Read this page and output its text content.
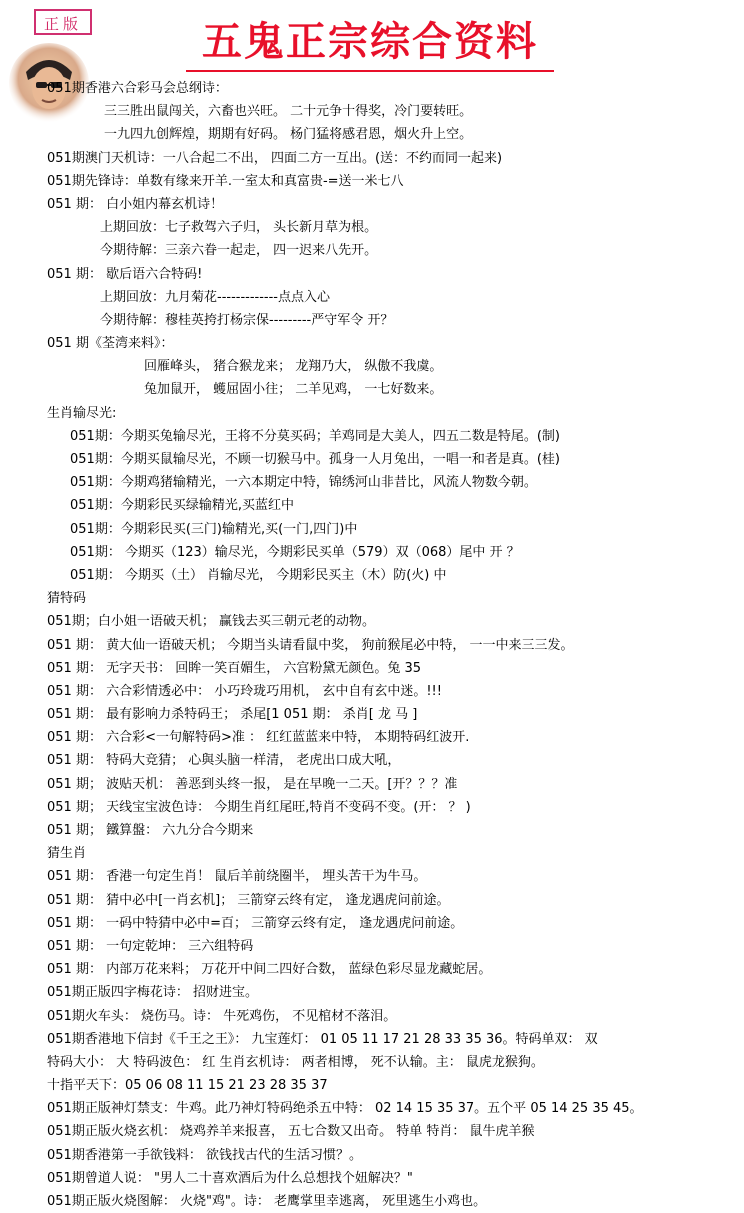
正版	五鬼正宗综合资料
051期香港六合彩马会总纲诗：
三三胜出鼠闯关，六畜也兴旺。 二十元争十得奖，冷门要转旺。
一九四九创辉煌，期期有好码。 杨门猛将感君恩，烟火升上空。
051期澳门天机诗：一八合起二不出， 四面二方一互出。(送：不约而同一起来)
051期先锋诗：单数有缘来开羊.一室太和真富贵-=送一米七八
051 期： 白小姐内幕玄机诗！
上期回放：七子救驾六子归， 头长新月草为根。
今期待解：三亲六眷一起走， 四一迟来八先开。
051 期： 歇后语六合特码!
上期回放：九月菊花-------------点点入心
今期待解：穆桂英挎打杨宗保---------严守军令 开？
051 期《荃湾来料》：
回雁峰头， 猪合猴龙来； 龙翔乃大， 纵傲不我虞。
兔加鼠开， 蠖屈固小往； 二羊见鸡， 一七好数来。
生肖输尽光:
051期：今期买兔输尽光，王将不分莫买码；羊鸡同是大美人，四五二数是特尾。(制)
051期：今期买鼠输尽光，不顾一切猴马中。孤身一人月兔出，一唱一和者是真。(桂)
051期：今期鸡猪输精光，一六本期定中特，锦绣河山非昔比，风流人物数今朝。
051期：今期彩民买绿输精光,买蓝红中
051期：今期彩民买(三门)输精光,买(一门,四门)中
051期： 今期买（123）输尽光，今期彩民买单（579）双（068）尾中 开 ？
051期： 今期买（土） 肖输尽光， 今期彩民买主（木）防(火) 中
猜特码
051期；白小姐一语破天机； 赢钱去买三朝元老的动物。
051 期： 黄大仙一语破天机； 今期当头请看鼠中奖， 狗前猴尾必中特， 一一中来三三发。
051 期： 无字天书： 回眸一笑百媚生， 六宫粉黛无颜色。兔 35
051 期： 六合彩情透必中： 小巧玲珑巧用机， 玄中自有玄中迷。!!!
051 期： 最有影响力杀特码王； 杀尾[1 051 期： 杀肖[ 龙 马 ]
051 期： 六合彩<一句解特码>准 ： 红红蓝蓝来中特， 本期特码红波开.
051 期： 特码大竞猜； 心與头脑一样清， 老虎出口成大吼，
051 期； 波贴天机： 善恶到头终一报， 是在早晚一二天。[开？？？准
051 期； 天线宝宝波色诗： 今期生肖红尾旺,特肖不变码不变。(开： ？ )
051 期； 鐵算盤： 六九分合今期来
猜生肖
051 期： 香港一句定生肖！ 鼠后羊前绕圈半， 埋头苦干为牛马。
051 期： 猜中必中[一肖玄机]； 三箭穿云终有定， 逢龙遇虎问前途。
051 期： 一码中特猜中必中=百； 三箭穿云终有定， 逢龙遇虎问前途。
051 期： 一句定乾坤： 三六组特码
051 期： 内部万花来料； 万花开中间二四好合数， 蓝绿色彩尽显龙藏蛇居。
051期正版四字梅花诗： 招财进宝。
051期火车头： 烧伤马。诗： 牛死鸡伤， 不见棺材不落泪。
051期香港地下信封《千王之王》： 九宝莲灯： 01 05 11 17 21 28 33 35 36。特码单双： 双
特码大小： 大 特码波色： 红 生肖玄机诗： 两者相博， 死不认输。主： 鼠虎龙猴狗。
十指平天下：05 06 08 11 15 21 23 28 35 37
051期正版神灯禁支：牛鸡。此乃神灯特码绝杀五中特： 02 14 15 35 37。五个平 05 14 25 35 45。
051期正版火烧玄机： 烧鸡养羊来报喜， 五七合数又出奇。 特单 特肖： 鼠牛虎羊猴
051期香港第一手欲钱料： 欲钱找古代的生活习惯？。
051期曾道人说： "男人二十喜欢酒后为什么总想找个妞解决？"
051期正版火烧图解： 火烧"鸡"。诗： 老鹰掌里幸逃离， 死里逃生小鸡也。
